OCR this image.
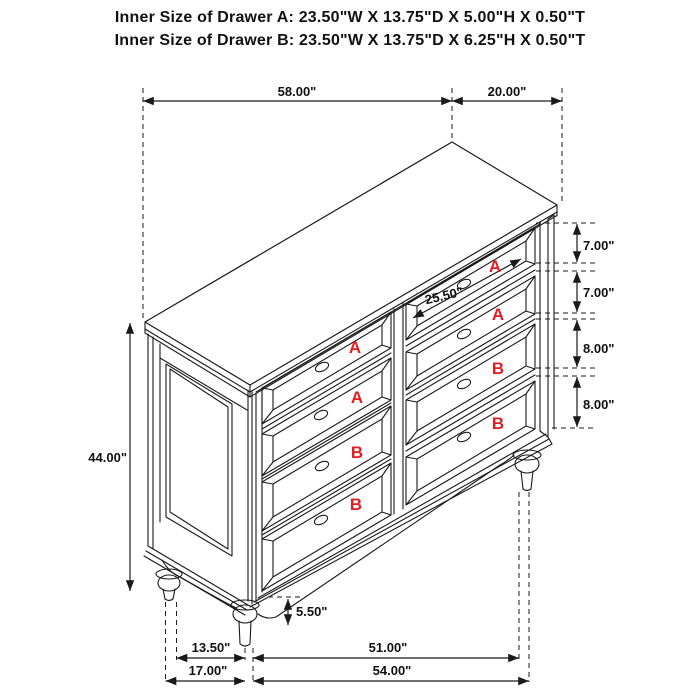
Inner Size of Drawer A: 23.50"W X 13.75"D X 5.00"H X 0.50"T
Inner Size of Drawer B: 23.50"W X 13.75"D X 6.25"H X 0.50"T
58.00"	20.00"
7.00"
7.00"
8.00"
8.00"
44.00"
25.50"
5.50"
13.50"	51.00"
17.00"	54.00"
A
A
B
B
A
A
B
B
